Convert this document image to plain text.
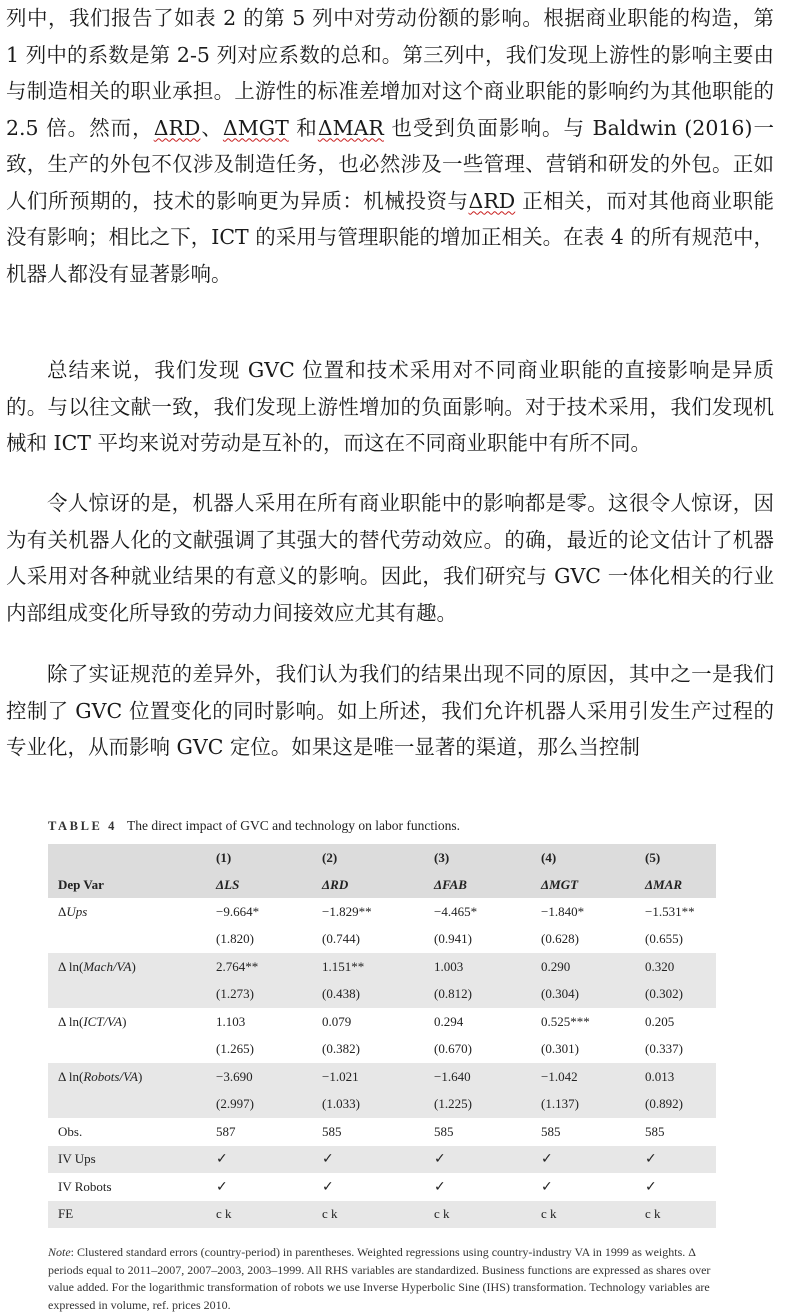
列中，我们报告了如表 2 的第 5 列中对劳动份额的影响。根据商业职能的构造，第 1 列中的系数是第 2-5 列对应系数的总和。第三列中，我们发现上游性的影响主要由与制造相关的职业承担。上游性的标准差增加对这个商业职能的影响约为其他职能的 2.5 倍。然而，ΔRD、ΔMGT 和ΔMAR 也受到负面影响。与 Baldwin (2016)一致，生产的外包不仅涉及制造任务，也必然涉及一些管理、营销和研发的外包。正如人们所预期的，技术的影响更为异质：机械投资与ΔRD 正相关，而对其他商业职能没有影响；相比之下，ICT 的采用与管理职能的增加正相关。在表 4 的所有规范中，机器人都没有显著影响。

总结来说，我们发现 GVC 位置和技术采用对不同商业职能的直接影响是异质的。与以往文献一致，我们发现上游性增加的负面影响。对于技术采用，我们发现机械和 ICT 平均来说对劳动是互补的，而这在不同商业职能中有所不同。

令人惊讶的是，机器人采用在所有商业职能中的影响都是零。这很令人惊讶，因为有关机器人化的文献强调了其强大的替代劳动效应。的确，最近的论文估计了机器人采用对各种就业结果的有意义的影响。因此，我们研究与 GVC 一体化相关的行业内部组成变化所导致的劳动力间接效应尤其有趣。

除了实证规范的差异外，我们认为我们的结果出现不同的原因，其中之一是我们控制了 GVC 位置变化的同时影响。如上所述，我们允许机器人采用引发生产过程的专业化，从而影响 GVC 定位。如果这是唯一显著的渠道，那么当控制

TABLE 4 The direct impact of GVC and technology on labor functions.
	(1)	(2)	(3)	(4)	(5)
Dep Var	ΔLS	ΔRD	ΔFAB	ΔMGT	ΔMAR
ΔUps	−9.664*	−1.829**	−4.465*	−1.840*	−1.531**
	(1.820)	(0.744)	(0.941)	(0.628)	(0.655)
Δ ln(Mach/VA)	2.764**	1.151**	1.003	0.290	0.320
	(1.273)	(0.438)	(0.812)	(0.304)	(0.302)
Δ ln(ICT/VA)	1.103	0.079	0.294	0.525***	0.205
	(1.265)	(0.382)	(0.670)	(0.301)	(0.337)
Δ ln(Robots/VA)	−3.690	−1.021	−1.640	−1.042	0.013
	(2.997)	(1.033)	(1.225)	(1.137)	(0.892)
Obs.	587	585	585	585	585
IV Ups	✓	✓	✓	✓	✓
IV Robots	✓	✓	✓	✓	✓
FE	c k	c k	c k	c k	c k

Note: Clustered standard errors (country-period) in parentheses. Weighted regressions using country-industry VA in 1999 as weights. Δ periods equal to 2011–2007, 2007–2003, 2003–1999. All RHS variables are standardized. Business functions are expressed as shares over value added. For the logarithmic transformation of robots we use Inverse Hyperbolic Sine (IHS) transformation. Technology variables are expressed in volume, ref. prices 2010.
